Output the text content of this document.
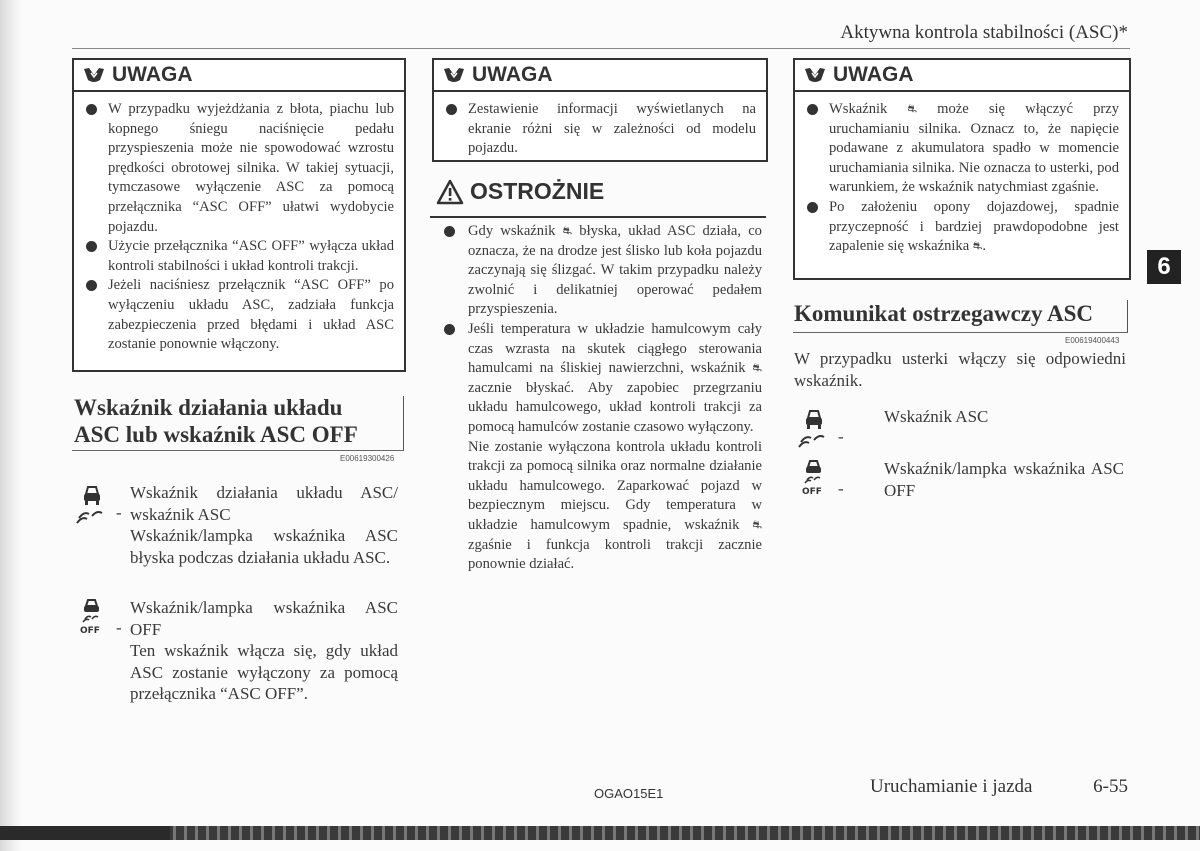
Aktywna kontrola stabilności (ASC)*
UWAGA
W przypadku wyjeżdżania z błota, piachu lub kopnego śniegu naciśnięcie pedału przyspieszenia może nie spowodować wzrostu prędkości obrotowej silnika. W takiej sytuacji, tymczasowe wyłączenie ASC za pomocą przełącznika “ASC OFF” ułatwi wydobycie pojazdu.
Użycie przełącznika “ASC OFF” wyłącza układ kontroli stabilności i układ kontroli trakcji.
Jeżeli naciśniesz przełącznik “ASC OFF” po wyłączeniu układu ASC, zadziała funkcja zabezpieczenia przed błędami i układ ASC zostanie ponownie włączony.
Wskaźnik działania układu
ASC lub wskaźnik ASC OFF
E00619300426
-
Wskaźnik działania układu ASC/ wskaźnik ASC
Wskaźnik/lampka wskaźnika ASC błyska podczas działania układu ASC.
OFF -
Wskaźnik/lampka wskaźnika ASC OFF
Ten wskaźnik włącza się, gdy układ ASC zostanie wyłączony za pomocą przełącznika “ASC OFF”.
UWAGA
Zestawienie informacji wyświetlanych na ekranie różni się w zależności od modelu pojazdu.
OSTROŻNIE
Gdy wskaźnik ⛐ błyska, układ ASC działa, co oznacza, że na drodze jest ślisko lub koła pojazdu zaczynają się ślizgać. W takim przypadku należy zwolnić i delikatniej operować pedałem przyspieszenia.
Jeśli temperatura w układzie hamulcowym cały czas wzrasta na skutek ciągłego sterowania hamulcami na śliskiej nawierzchni, wskaźnik ⛐ zacznie błyskać. Aby zapobiec przegrzaniu układu hamulcowego, układ kontroli trakcji za pomocą hamulców zostanie czasowo wyłączony.
Nie zostanie wyłączona kontrola układu kontroli trakcji za pomocą silnika oraz normalne działanie układu hamulcowego. Zaparkować pojazd w bezpiecznym miejscu. Gdy temperatura w układzie hamulcowym spadnie, wskaźnik ⛐ zgaśnie i funkcja kontroli trakcji zacznie ponownie działać.
UWAGA
Wskaźnik ⛐ może się włączyć przy uruchamianiu silnika. Oznacz to, że napięcie podawane z akumulatora spadło w momencie uruchamiania silnika. Nie oznacza to usterki, pod warunkiem, że wskaźnik natychmiast zgaśnie.
Po założeniu opony dojazdowej, spadnie przyczepność i bardziej prawdopodobne jest zapalenie się wskaźnika ⛐.
Komunikat ostrzegawczy ASC
E00619400443
W przypadku usterki włączy się odpowiedni wskaźnik.
-
Wskaźnik ASC
OFF -
Wskaźnik/lampka wskaźnika ASC OFF
6
OGAO15E1	Uruchamianie i jazda	6-55
